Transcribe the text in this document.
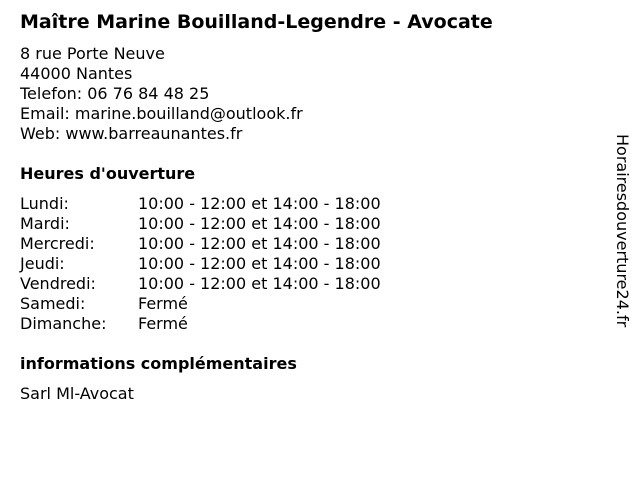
Maître Marine Bouilland-Legendre - Avocate
8 rue Porte Neuve
44000 Nantes
Telefon: 06 76 84 48 25
Email: marine.bouilland@outlook.fr
Web: www.barreaunantes.fr
Heures d'ouverture
Lundi:	10:00 - 12:00 et 14:00 - 18:00
Mardi:	10:00 - 12:00 et 14:00 - 18:00
Mercredi:	10:00 - 12:00 et 14:00 - 18:00
Jeudi:	10:00 - 12:00 et 14:00 - 18:00
Vendredi:	10:00 - 12:00 et 14:00 - 18:00
Samedi:	Fermé
Dimanche:	Fermé
informations complémentaires
Sarl Ml-Avocat
Horairesdouverture24.fr
